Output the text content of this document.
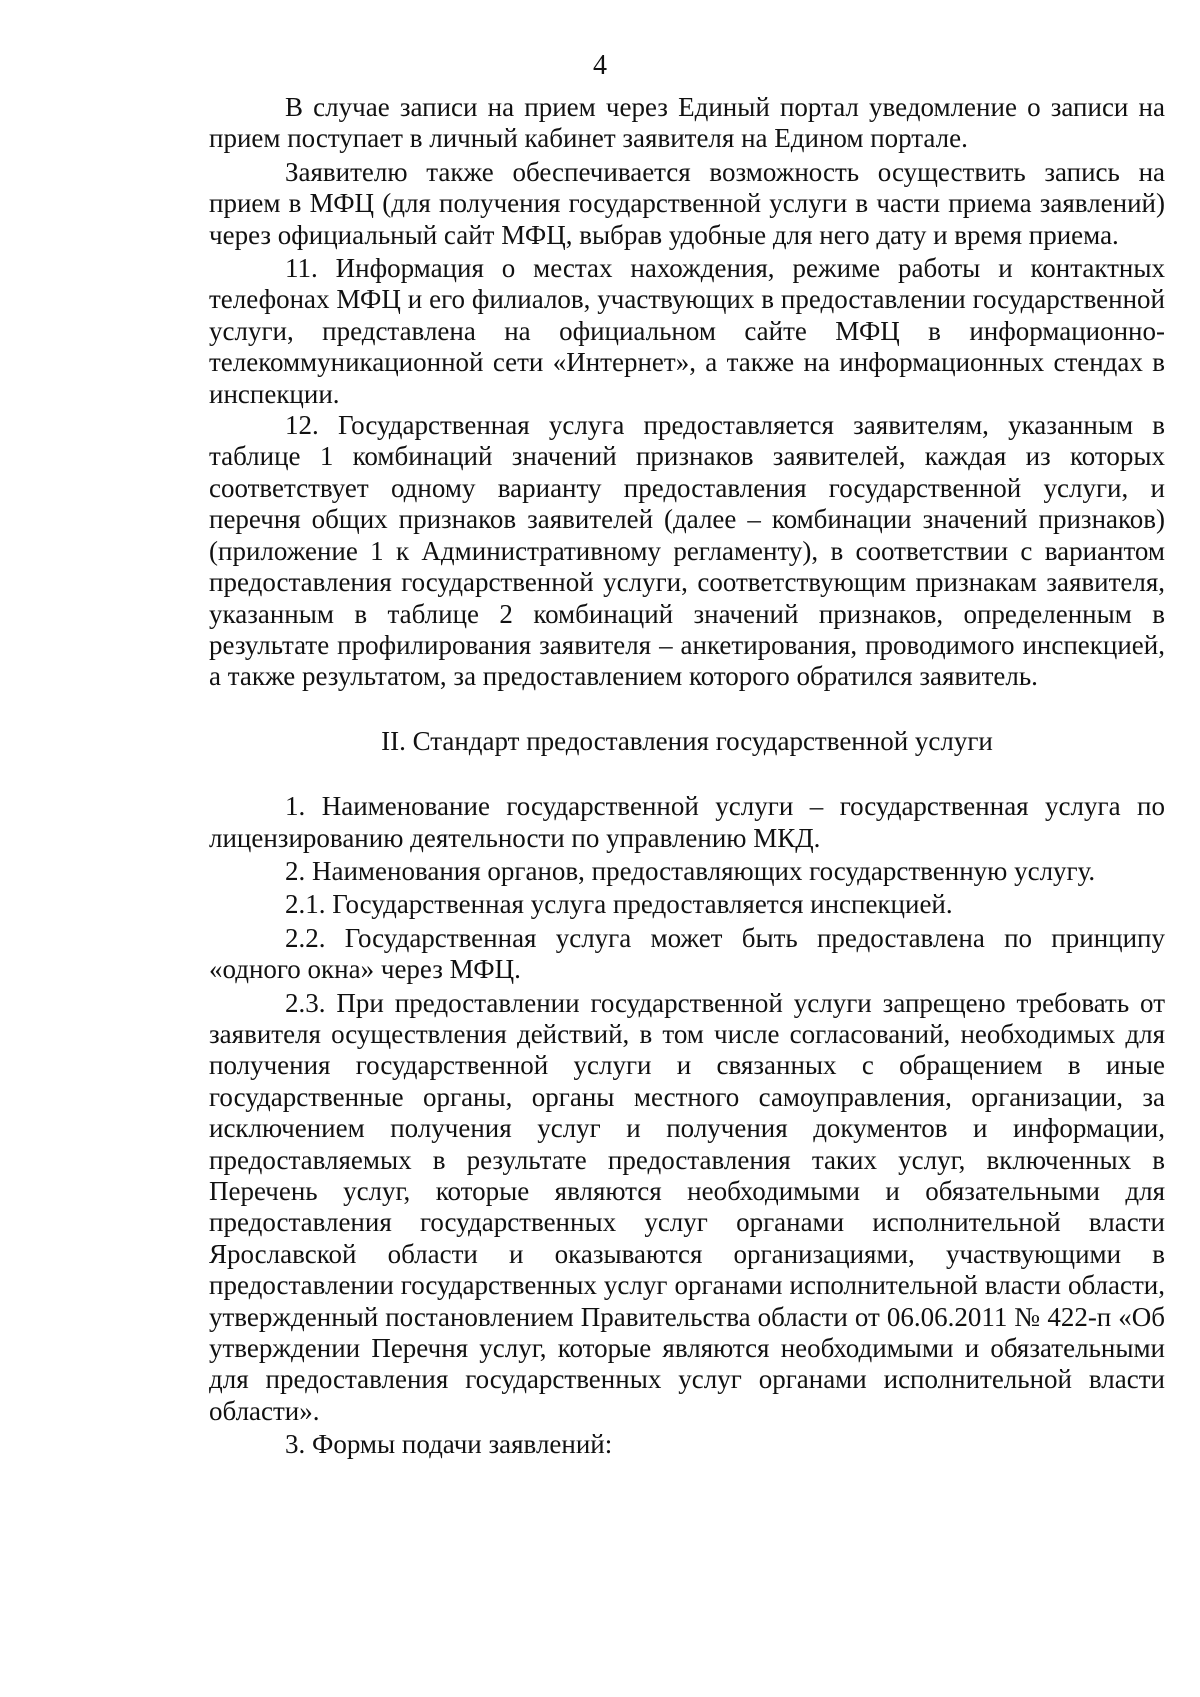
4

В случае записи на прием через Единый портал уведомление о записи на прием поступает в личный кабинет заявителя на Едином портале.

Заявителю также обеспечивается возможность осуществить запись на прием в МФЦ (для получения государственной услуги в части приема заявлений) через официальный сайт МФЦ, выбрав удобные для него дату и время приема.

11. Информация о местах нахождения, режиме работы и контактных телефонах МФЦ и его филиалов, участвующих в предоставлении государственной услуги, представлена на официальном сайте МФЦ в информационно-телекоммуникационной сети «Интернет», а также на информационных стендах в инспекции.

12. Государственная услуга предоставляется заявителям, указанным в таблице 1 комбинаций значений признаков заявителей, каждая из которых соответствует одному варианту предоставления государственной услуги, и перечня общих признаков заявителей (далее – комбинации значений признаков) (приложение 1 к Административному регламенту), в соответствии с вариантом предоставления государственной услуги, соответствующим признакам заявителя, указанным в таблице 2 комбинаций значений признаков, определенным в результате профилирования заявителя – анкетирования, проводимого инспекцией, а также результатом, за предоставлением которого обратился заявитель.

II. Стандарт предоставления государственной услуги

1. Наименование государственной услуги – государственная услуга по лицензированию деятельности по управлению МКД.

2. Наименования органов, предоставляющих государственную услугу.

2.1. Государственная услуга предоставляется инспекцией.

2.2. Государственная услуга может быть предоставлена по принципу «одного окна» через МФЦ.

2.3. При предоставлении государственной услуги запрещено требовать от заявителя осуществления действий, в том числе согласований, необходимых для получения государственной услуги и связанных с обращением в иные государственные органы, органы местного самоуправления, организации, за исключением получения услуг и получения документов и информации, предоставляемых в результате предоставления таких услуг, включенных в Перечень услуг, которые являются необходимыми и обязательными для предоставления государственных услуг органами исполнительной власти Ярославской области и оказываются организациями, участвующими в предоставлении государственных услуг органами исполнительной власти области, утвержденный постановлением Правительства области от 06.06.2011 № 422-п «Об утверждении Перечня услуг, которые являются необходимыми и обязательными для предоставления государственных услуг органами исполнительной власти области».

3. Формы подачи заявлений:
